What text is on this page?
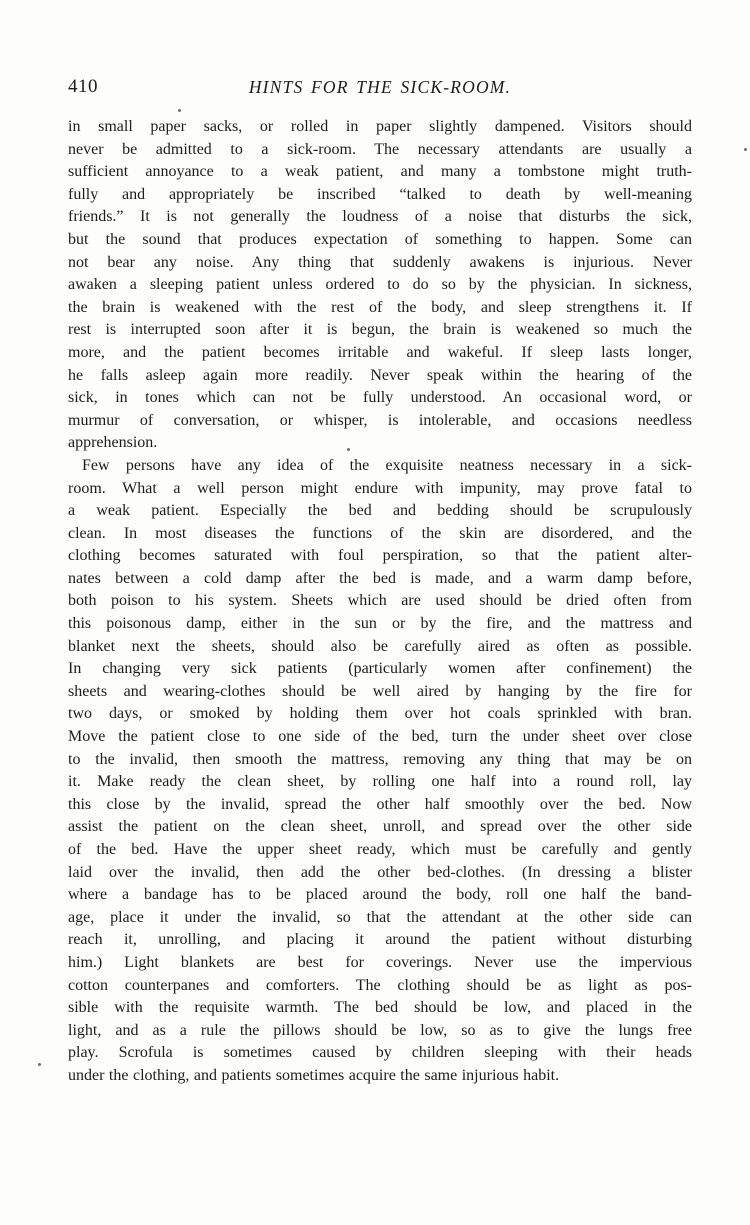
410	HINTS FOR THE SICK-ROOM.
in small paper sacks, or rolled in paper slightly dampened. Visitors should
never be admitted to a sick-room. The necessary attendants are usually a
sufficient annoyance to a weak patient, and many a tombstone might truth-
fully and appropriately be inscribed “talked to death by well-meaning
friends.” It is not generally the loudness of a noise that disturbs the sick,
but the sound that produces expectation of something to happen. Some can
not bear any noise. Any thing that suddenly awakens is injurious. Never
awaken a sleeping patient unless ordered to do so by the physician. In sickness,
the brain is weakened with the rest of the body, and sleep strengthens it. If
rest is interrupted soon after it is begun, the brain is weakened so much the
more, and the patient becomes irritable and wakeful. If sleep lasts longer,
he falls asleep again more readily. Never speak within the hearing of the
sick, in tones which can not be fully understood. An occasional word, or
murmur of conversation, or whisper, is intolerable, and occasions needless
apprehension.
Few persons have any idea of the exquisite neatness necessary in a sick-
room. What a well person might endure with impunity, may prove fatal to
a weak patient. Especially the bed and bedding should be scrupulously
clean. In most diseases the functions of the skin are disordered, and the
clothing becomes saturated with foul perspiration, so that the patient alter-
nates between a cold damp after the bed is made, and a warm damp before,
both poison to his system. Sheets which are used should be dried often from
this poisonous damp, either in the sun or by the fire, and the mattress and
blanket next the sheets, should also be carefully aired as often as possible.
In changing very sick patients (particularly women after confinement) the
sheets and wearing-clothes should be well aired by hanging by the fire for
two days, or smoked by holding them over hot coals sprinkled with bran.
Move the patient close to one side of the bed, turn the under sheet over close
to the invalid, then smooth the mattress, removing any thing that may be on
it. Make ready the clean sheet, by rolling one half into a round roll, lay
this close by the invalid, spread the other half smoothly over the bed. Now
assist the patient on the clean sheet, unroll, and spread over the other side
of the bed. Have the upper sheet ready, which must be carefully and gently
laid over the invalid, then add the other bed-clothes. (In dressing a blister
where a bandage has to be placed around the body, roll one half the band-
age, place it under the invalid, so that the attendant at the other side can
reach it, unrolling, and placing it around the patient without disturbing
him.) Light blankets are best for coverings. Never use the impervious
cotton counterpanes and comforters. The clothing should be as light as pos-
sible with the requisite warmth. The bed should be low, and placed in the
light, and as a rule the pillows should be low, so as to give the lungs free
play. Scrofula is sometimes caused by children sleeping with their heads
under the clothing, and patients sometimes acquire the same injurious habit.
